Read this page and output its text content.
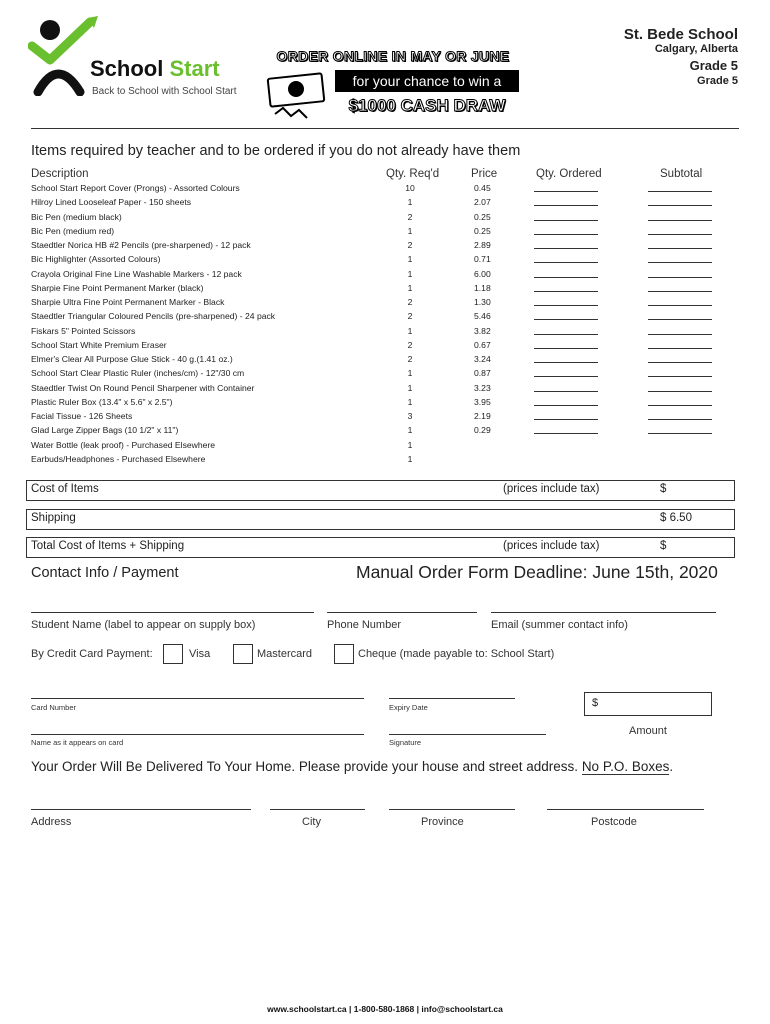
School Start
Back to School with School Start
ORDER ONLINE IN MAY OR JUNE
for your chance to win a
$1000 CASH DRAW
St. Bede School
Calgary, Alberta
Grade 5
Grade 5
Items required by teacher and to be ordered if you do not already have them
Description	Qty. Req'd	Price	Qty. Ordered	Subtotal
School Start Report Cover (Prongs) - Assorted Colours	10	0.45
Hilroy Lined Looseleaf Paper - 150 sheets	1	2.07
Bic Pen (medium black)	2	0.25
Bic Pen (medium red)	1	0.25
Staedtler Norica HB #2 Pencils (pre-sharpened) - 12 pack	2	2.89
Bic Highlighter (Assorted Colours)	1	0.71
Crayola Original Fine Line Washable Markers - 12 pack	1	6.00
Sharpie Fine Point Permanent Marker (black)	1	1.18
Sharpie Ultra Fine Point Permanent Marker - Black	2	1.30
Staedtler Triangular Coloured Pencils (pre-sharpened) - 24 pack	2	5.46
Fiskars 5" Pointed Scissors	1	3.82
School Start White Premium Eraser	2	0.67
Elmer's Clear All Purpose Glue Stick - 40 g.(1.41 oz.)	2	3.24
School Start Clear Plastic Ruler (inches/cm) - 12"/30 cm	1	0.87
Staedtler Twist On Round Pencil Sharpener with Container	1	3.23
Plastic Ruler Box (13.4" x 5.6" x 2.5")	1	3.95
Facial Tissue - 126 Sheets	3	2.19
Glad Large Zipper Bags (10 1/2" x 11")	1	0.29
Water Bottle (leak proof) - Purchased Elsewhere	1
Earbuds/Headphones - Purchased Elsewhere	1
Cost of Items	(prices include tax)	$
Shipping	$ 6.50
Total Cost of Items + Shipping	(prices include tax)	$
Contact Info / Payment	Manual Order Form Deadline: June 15th, 2020
Student Name (label to appear on supply box)	Phone Number	Email (summer contact info)
By Credit Card Payment:	Visa	Mastercard	Cheque (made payable to: School Start)
Card Number	Expiry Date	$
Amount
Name as it appears on card	Signature
Your Order Will Be Delivered To Your Home. Please provide your house and street address. No P.O. Boxes.
Address	City	Province	Postcode
www.schoolstart.ca | 1-800-580-1868 | info@schoolstart.ca
